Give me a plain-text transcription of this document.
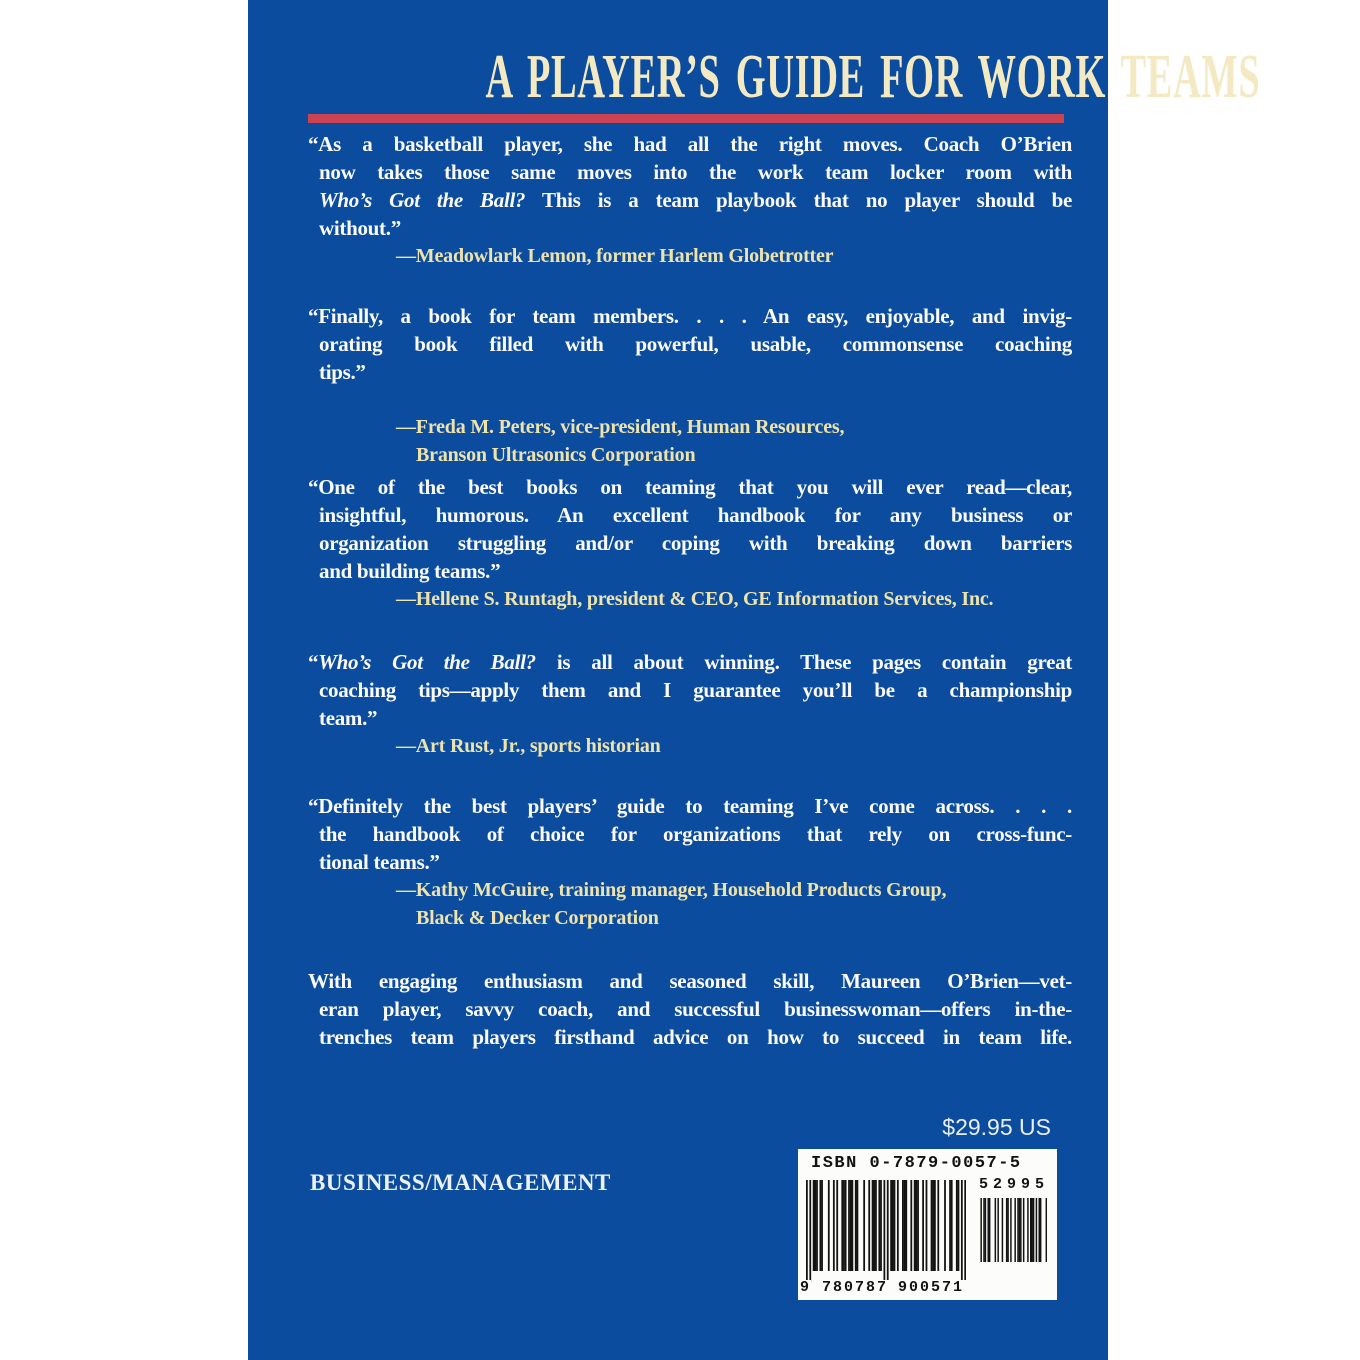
A PLAYER’S GUIDE FOR WORK TEAMS
“As a basketball player, she had all the right moves. Coach O’Brien
now takes those same moves into the work team locker room with
Who’s Got the Ball? This is a team playbook that no player should be
without.”
—Meadowlark Lemon, former Harlem Globetrotter
“Finally, a book for team members. . . . An easy, enjoyable, and invig-
orating book filled with powerful, usable, commonsense coaching
tips.”
—Freda M. Peters, vice-president, Human Resources,
Branson Ultrasonics Corporation
“One of the best books on teaming that you will ever read—clear,
insightful, humorous. An excellent handbook for any business or
organization struggling and/or coping with breaking down barriers
and building teams.”
—Hellene S. Runtagh, president & CEO, GE Information Services, Inc.
“Who’s Got the Ball? is all about winning. These pages contain great
coaching tips—apply them and I guarantee you’ll be a championship
team.”
—Art Rust, Jr., sports historian
“Definitely the best players’ guide to teaming I’ve come across. . . .
the handbook of choice for organizations that rely on cross-func-
tional teams.”
—Kathy McGuire, training manager, Household Products Group,
Black & Decker Corporation
With engaging enthusiasm and seasoned skill, Maureen O’Brien—vet-
eran player, savvy coach, and successful businesswoman—offers in-the-
trenches team players firsthand advice on how to succeed in team life.
$29.95 US
BUSINESS/MANAGEMENT
ISBN 0-7879-0057-5
9 780787 900571
52995
